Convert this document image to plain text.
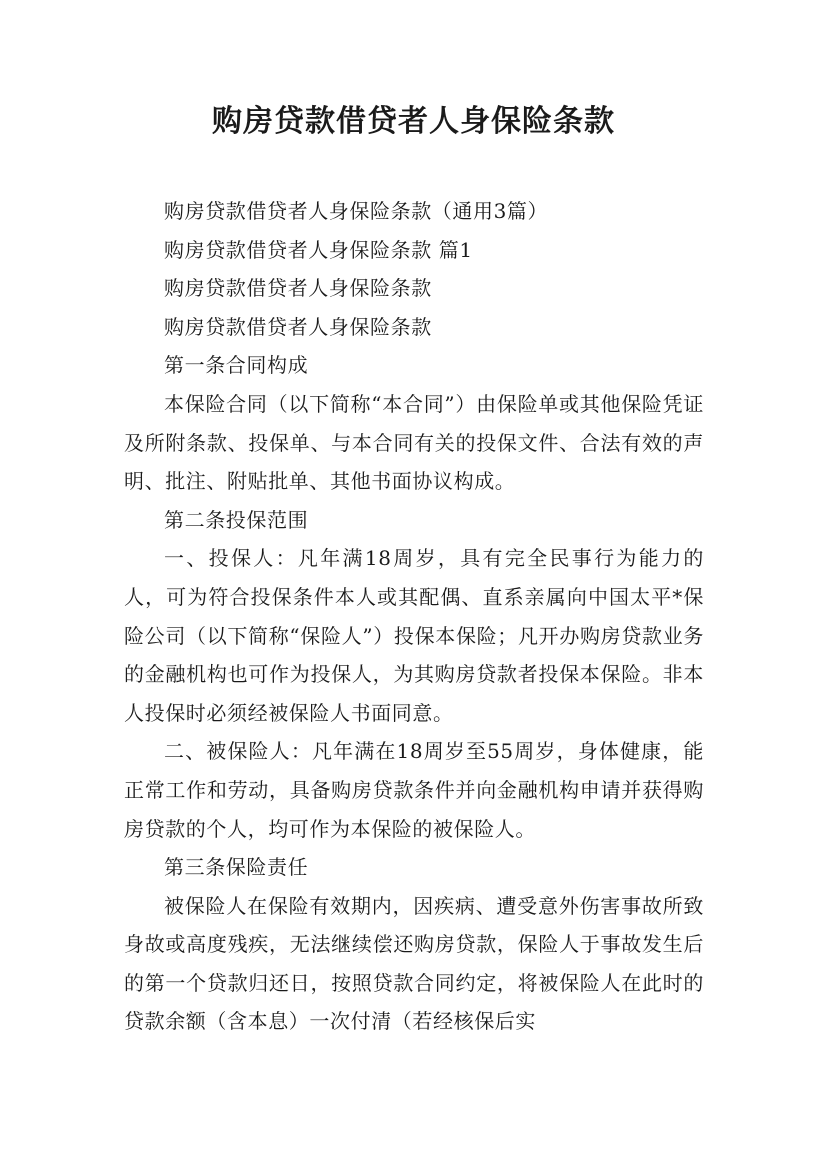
购房贷款借贷者人身保险条款

购房贷款借贷者人身保险条款（通用3篇）

购房贷款借贷者人身保险条款 篇1

购房贷款借贷者人身保险条款

购房贷款借贷者人身保险条款

第一条合同构成

本保险合同（以下简称“本合同”）由保险单或其他保险凭证及所附条款、投保单、与本合同有关的投保文件、合法有效的声明、批注、附贴批单、其他书面协议构成。

第二条投保范围

一、投保人：凡年满18周岁，具有完全民事行为能力的人，可为符合投保条件本人或其配偶、直系亲属向中国太平*保险公司（以下简称“保险人”）投保本保险；凡开办购房贷款业务的金融机构也可作为投保人，为其购房贷款者投保本保险。非本人投保时必须经被保险人书面同意。

二、被保险人：凡年满在18周岁至55周岁，身体健康，能正常工作和劳动，具备购房贷款条件并向金融机构申请并获得购房贷款的个人，均可作为本保险的被保险人。

第三条保险责任

被保险人在保险有效期内，因疾病、遭受意外伤害事故所致身故或高度残疾，无法继续偿还购房贷款，保险人于事故发生后的第一个贷款归还日，按照贷款合同约定，将被保险人在此时的贷款余额（含本息）一次付清（若经核保后实
